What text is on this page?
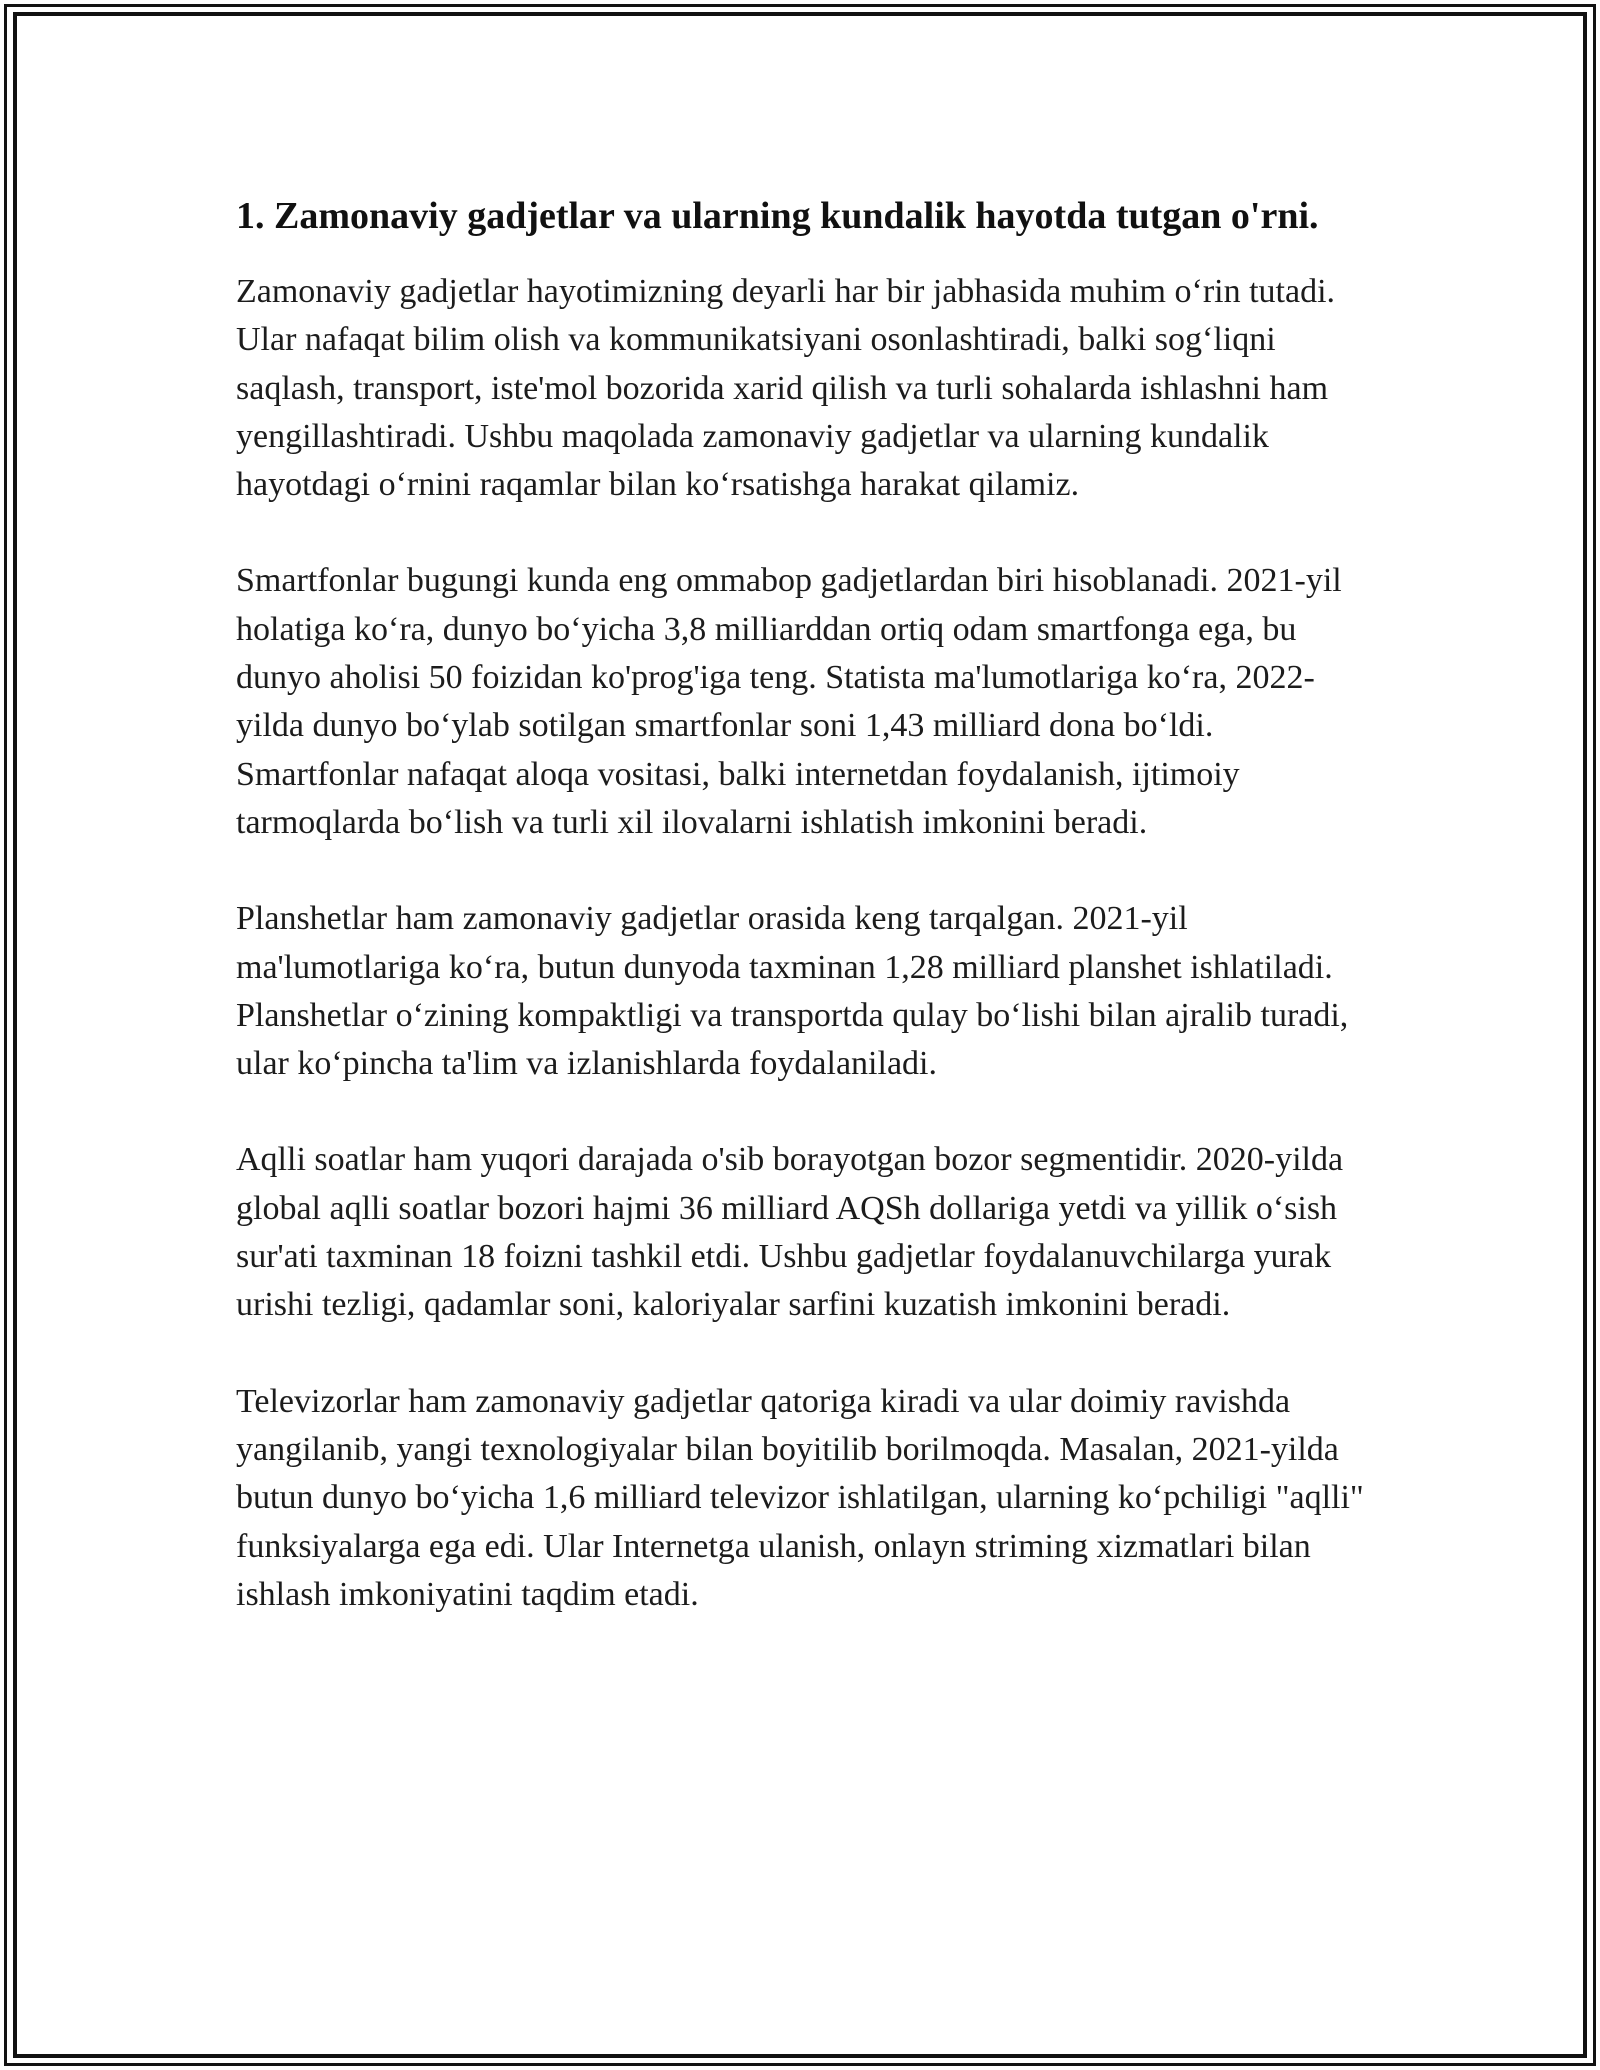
1. Zamonaviy gadjetlar va ularning kundalik hayotda tutgan o'rni.

Zamonaviy gadjetlar hayotimizning deyarli har bir jabhasida muhim o‘rin tutadi. Ular nafaqat bilim olish va kommunikatsiyani osonlashtiradi, balki sog‘liqni saqlash, transport, iste'mol bozorida xarid qilish va turli sohalarda ishlashni ham yengillashtiradi. Ushbu maqolada zamonaviy gadjetlar va ularning kundalik hayotdagi o‘rnini raqamlar bilan ko‘rsatishga harakat qilamiz.

Smartfonlar bugungi kunda eng ommabop gadjetlardan biri hisoblanadi. 2021-yil holatiga ko‘ra, dunyo bo‘yicha 3,8 milliarddan ortiq odam smartfonga ega, bu dunyo aholisi 50 foizidan ko'prog'iga teng. Statista ma'lumotlariga ko‘ra, 2022-yilda dunyo bo‘ylab sotilgan smartfonlar soni 1,43 milliard dona bo‘ldi. Smartfonlar nafaqat aloqa vositasi, balki internetdan foydalanish, ijtimoiy tarmoqlarda bo‘lish va turli xil ilovalarni ishlatish imkonini beradi.

Planshetlar ham zamonaviy gadjetlar orasida keng tarqalgan. 2021-yil ma'lumotlariga ko‘ra, butun dunyoda taxminan 1,28 milliard planshet ishlatiladi. Planshetlar o‘zining kompaktligi va transportda qulay bo‘lishi bilan ajralib turadi, ular ko‘pincha ta'lim va izlanishlarda foydalaniladi.

Aqlli soatlar ham yuqori darajada o'sib borayotgan bozor segmentidir. 2020-yilda global aqlli soatlar bozori hajmi 36 milliard AQSh dollariga yetdi va yillik o‘sish sur'ati taxminan 18 foizni tashkil etdi. Ushbu gadjetlar foydalanuvchilarga yurak urishi tezligi, qadamlar soni, kaloriyalar sarfini kuzatish imkonini beradi.

Televizorlar ham zamonaviy gadjetlar qatoriga kiradi va ular doimiy ravishda yangilanib, yangi texnologiyalar bilan boyitilib borilmoqda. Masalan, 2021-yilda butun dunyo bo‘yicha 1,6 milliard televizor ishlatilgan, ularning ko‘pchiligi "aqlli" funksiyalarga ega edi. Ular Internetga ulanish, onlayn striming xizmatlari bilan ishlash imkoniyatini taqdim etadi.
